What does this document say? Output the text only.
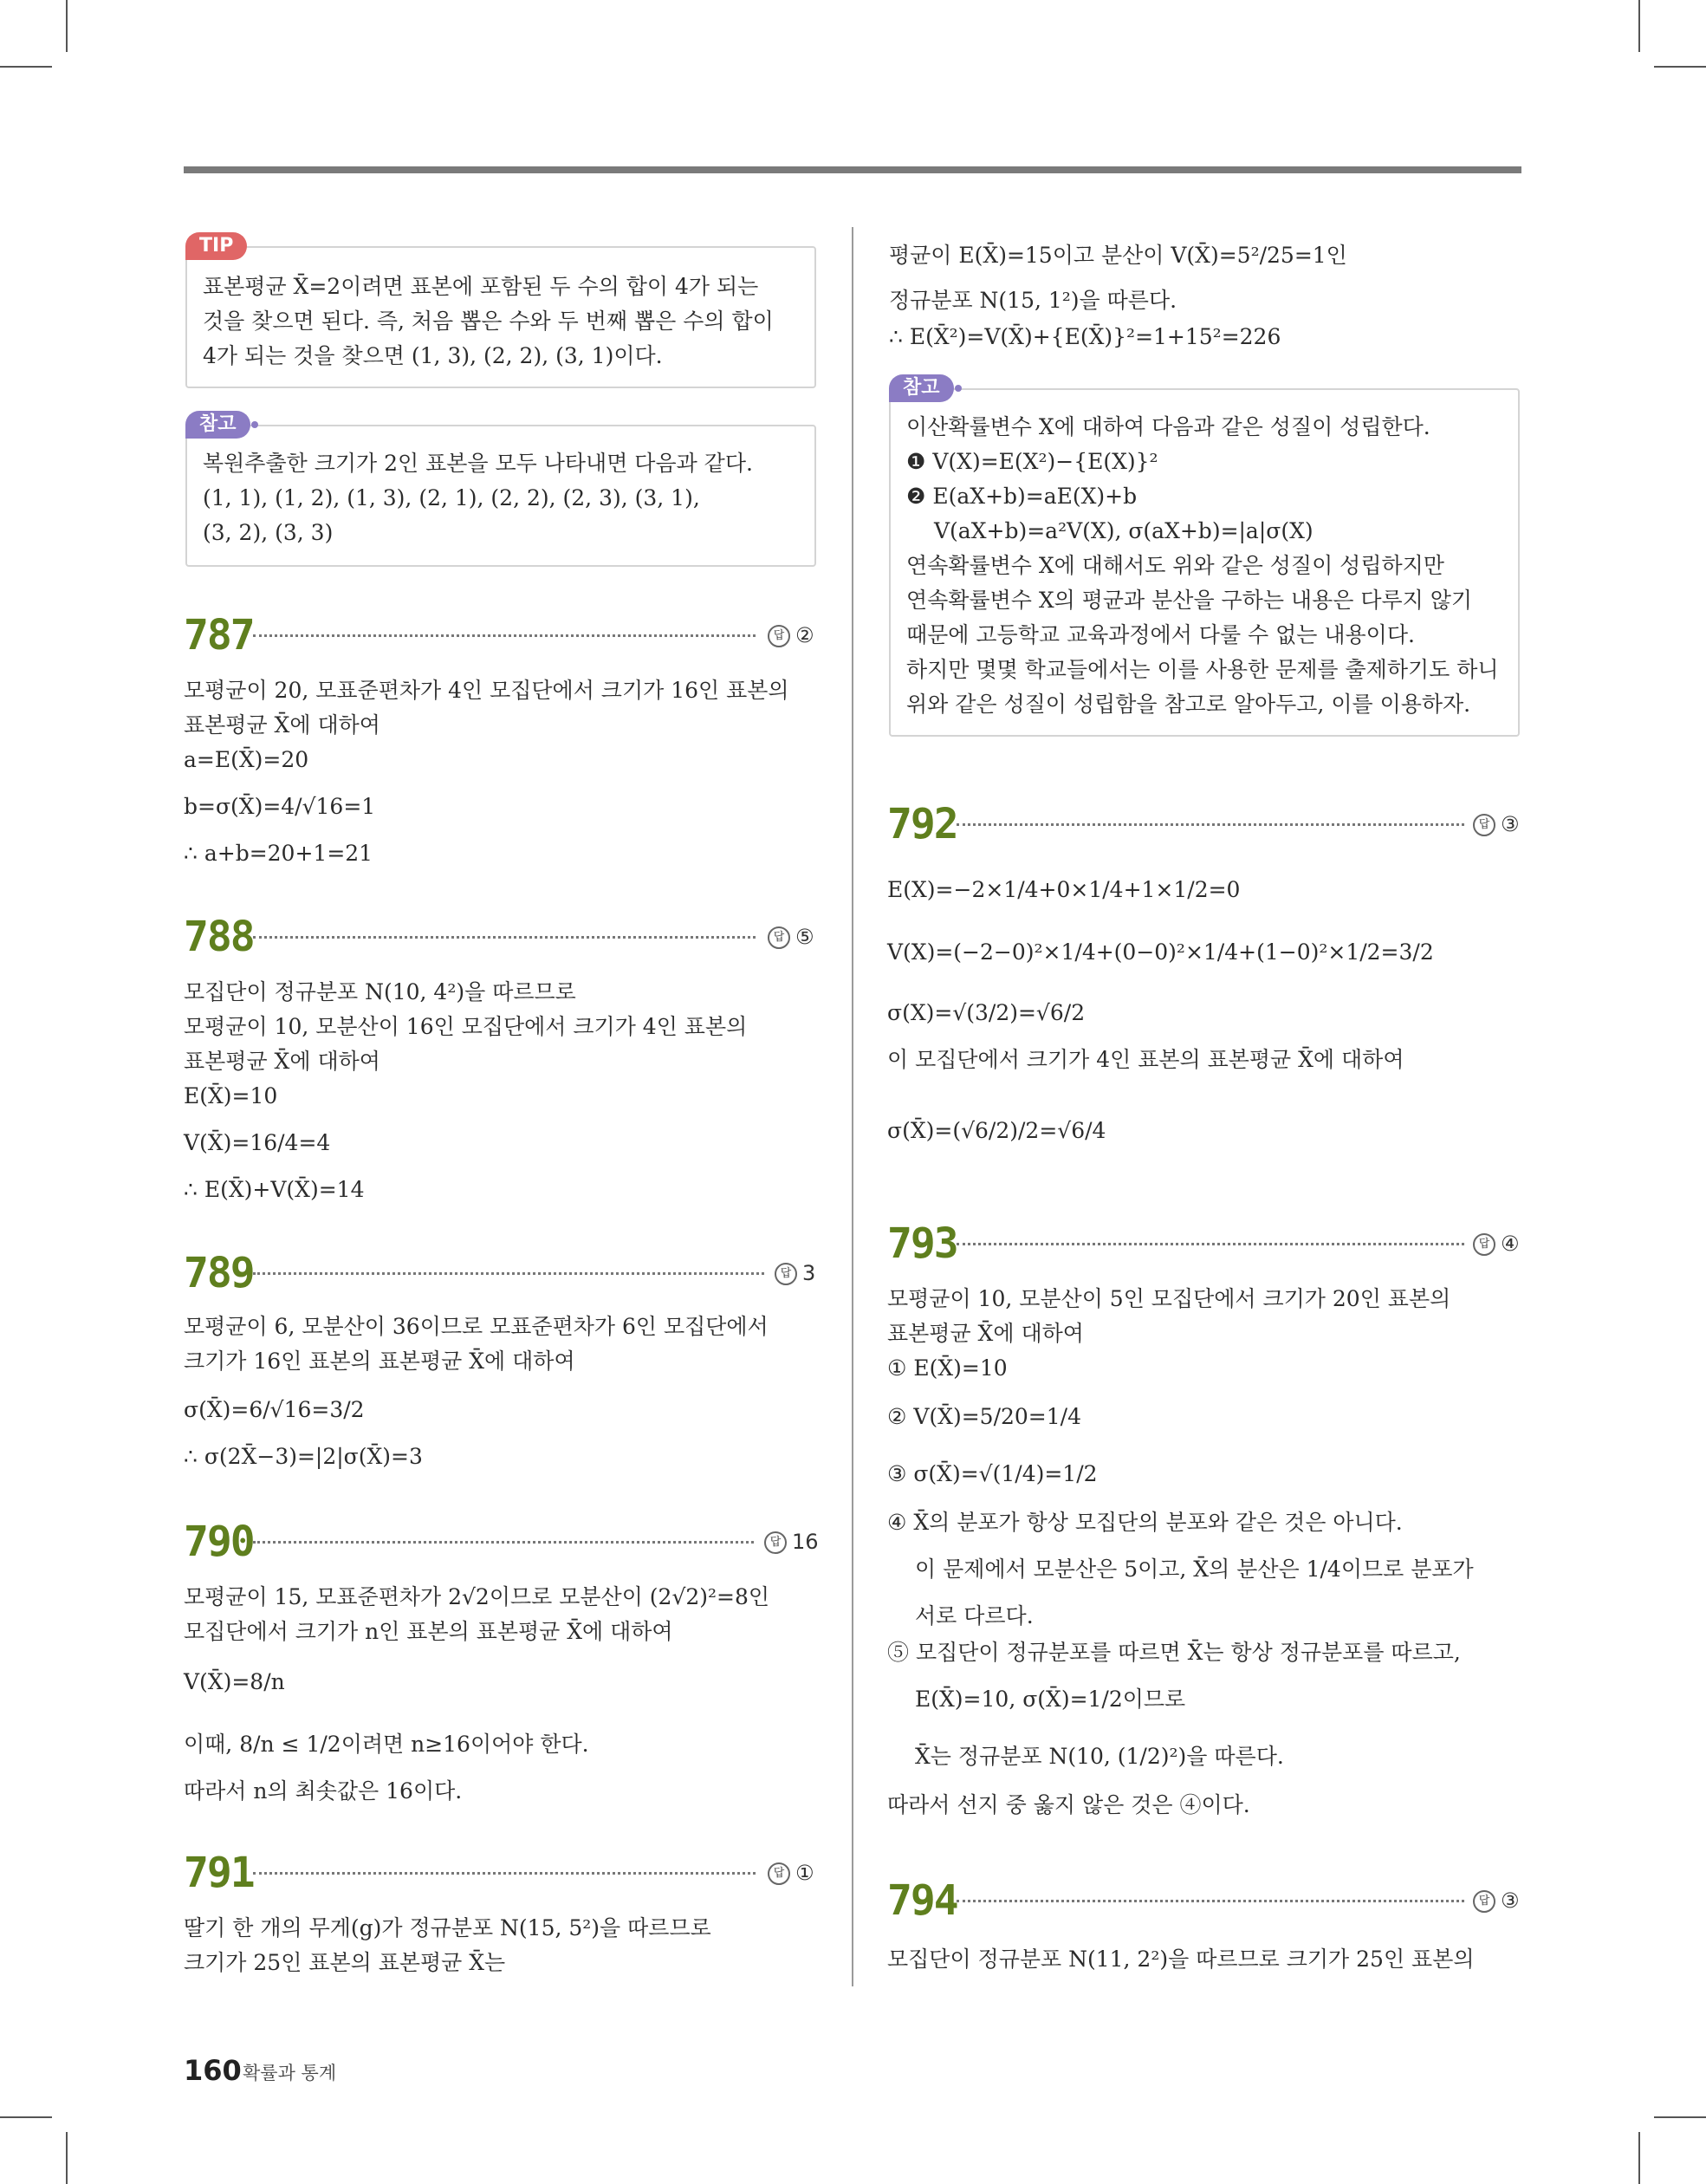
TIP
표본평균 X̄=2이려면 표본에 포함된 두 수의 합이 4가 되는
것을 찾으면 된다. 즉, 처음 뽑은 수와 두 번째 뽑은 수의 합이
4가 되는 것을 찾으면 (1, 3), (2, 2), (3, 1)이다.
참고
복원추출한 크기가 2인 표본을 모두 나타내면 다음과 같다.
(1, 1), (1, 2), (1, 3), (2, 1), (2, 2), (2, 3), (3, 1),
(3, 2), (3, 3)
787	답 ②
모평균이 20, 모표준편차가 4인 모집단에서 크기가 16인 표본의
표본평균 X̄에 대하여
a=E(X̄)=20
b=σ(X̄)=4/√16=1
∴ a+b=20+1=21
788	답 ⑤
모집단이 정규분포 N(10, 4²)을 따르므로
모평균이 10, 모분산이 16인 모집단에서 크기가 4인 표본의
표본평균 X̄에 대하여
E(X̄)=10
V(X̄)=16/4=4
∴ E(X̄)+V(X̄)=14
789	답 3
모평균이 6, 모분산이 36이므로 모표준편차가 6인 모집단에서
크기가 16인 표본의 표본평균 X̄에 대하여
σ(X̄)=6/√16=3/2
∴ σ(2X̄−3)=|2|σ(X̄)=3
790	답 16
모평균이 15, 모표준편차가 2√2이므로 모분산이 (2√2)²=8인
모집단에서 크기가 n인 표본의 표본평균 X̄에 대하여
V(X̄)=8/n
이때, 8/n ≤ 1/2이려면 n≥16이어야 한다.
따라서 n의 최솟값은 16이다.
791	답 ①
딸기 한 개의 무게(g)가 정규분포 N(15, 5²)을 따르므로
크기가 25인 표본의 표본평균 X̄는
평균이 E(X̄)=15이고 분산이 V(X̄)=5²/25=1인
정규분포 N(15, 1²)을 따른다.
∴ E(X̄²)=V(X̄)+{E(X̄)}²=1+15²=226
참고
이산확률변수 X에 대하여 다음과 같은 성질이 성립한다.
❶ V(X)=E(X²)−{E(X)}²
❷ E(aX+b)=aE(X)+b
V(aX+b)=a²V(X), σ(aX+b)=|a|σ(X)
연속확률변수 X에 대해서도 위와 같은 성질이 성립하지만
연속확률변수 X의 평균과 분산을 구하는 내용은 다루지 않기
때문에 고등학교 교육과정에서 다룰 수 없는 내용이다.
하지만 몇몇 학교들에서는 이를 사용한 문제를 출제하기도 하니
위와 같은 성질이 성립함을 참고로 알아두고, 이를 이용하자.
792	답 ③
E(X)=−2×1/4+0×1/4+1×1/2=0
V(X)=(−2−0)²×1/4+(0−0)²×1/4+(1−0)²×1/2=3/2
σ(X)=√(3/2)=√6/2
이 모집단에서 크기가 4인 표본의 표본평균 X̄에 대하여
σ(X̄)=(√6/2)/2=√6/4
793	답 ④
모평균이 10, 모분산이 5인 모집단에서 크기가 20인 표본의
표본평균 X̄에 대하여
① E(X̄)=10
② V(X̄)=5/20=1/4
③ σ(X̄)=√(1/4)=1/2
④ X̄의 분포가 항상 모집단의 분포와 같은 것은 아니다.
이 문제에서 모분산은 5이고, X̄의 분산은 1/4이므로 분포가
서로 다르다.
⑤ 모집단이 정규분포를 따르면 X̄는 항상 정규분포를 따르고,
E(X̄)=10, σ(X̄)=1/2이므로
X̄는 정규분포 N(10, (1/2)²)을 따른다.
따라서 선지 중 옳지 않은 것은 ④이다.
794	답 ③
모집단이 정규분포 N(11, 2²)을 따르므로 크기가 25인 표본의
160 확률과 통계
